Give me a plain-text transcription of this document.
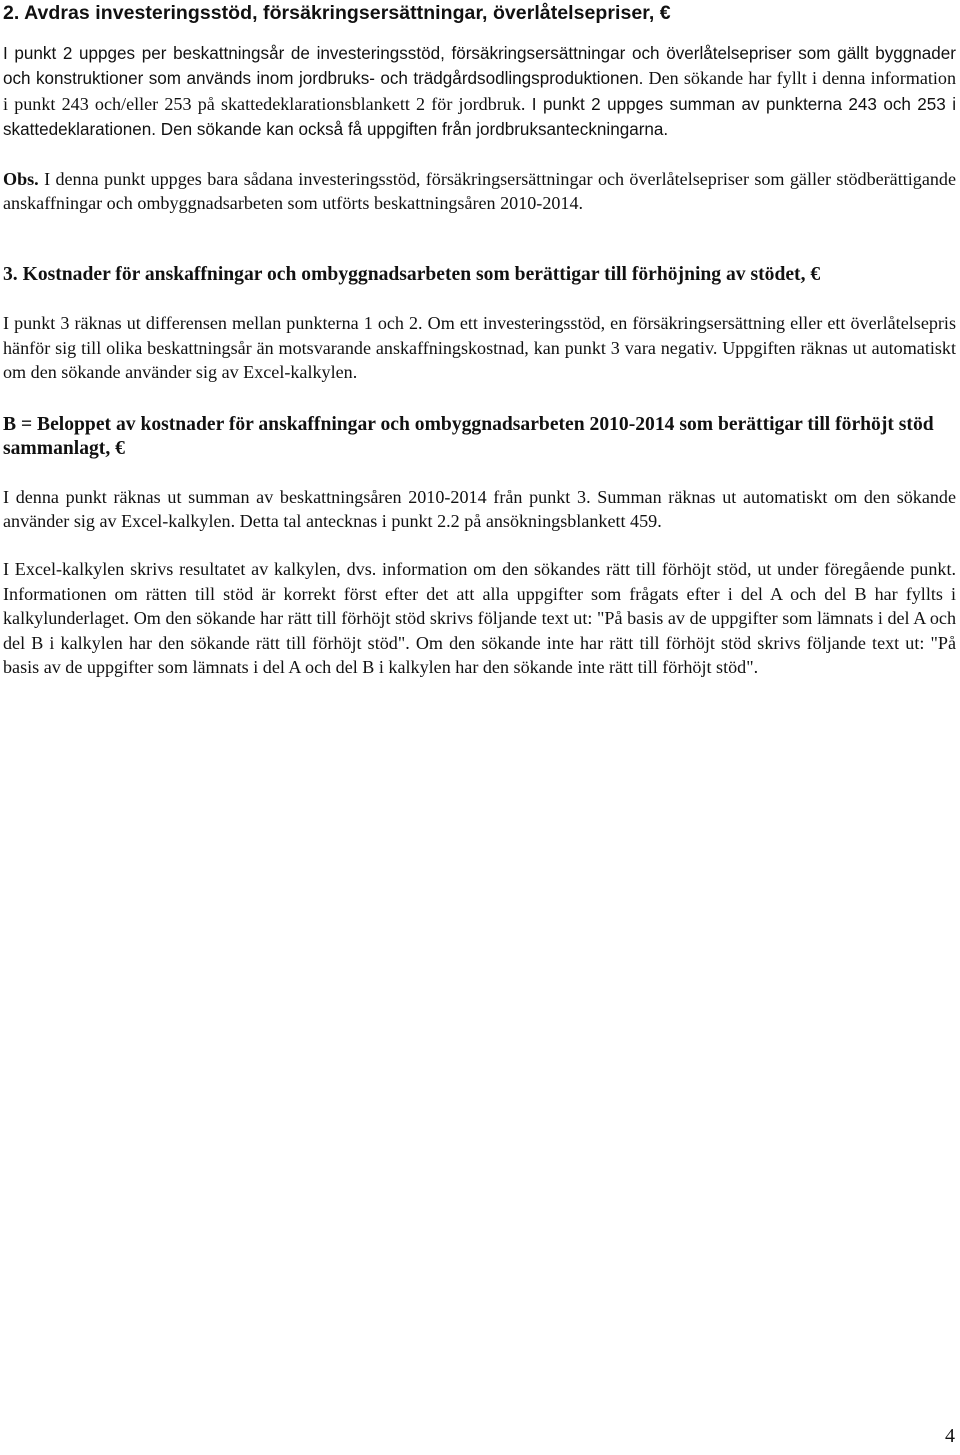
2. Avdras investeringsstöd, försäkringsersättningar, överlåtelsepriser, €

I punkt 2 uppges per beskattningsår de investeringsstöd, försäkringsersättningar och överlåtelsepriser som gällt byggnader och konstruktioner som används inom jordbruks- och trädgårdsodlingsproduktionen. Den sökande har fyllt i denna information i punkt 243 och/eller 253 på skattedeklarationsblankett 2 för jordbruk. I punkt 2 uppges summan av punkterna 243 och 253 i skattedeklarationen. Den sökande kan också få uppgiften från jordbruksanteckningarna.

Obs. I denna punkt uppges bara sådana investeringsstöd, försäkringsersättningar och överlåtelsepriser som gäller stödberättigande anskaffningar och ombyggnadsarbeten som utförts beskattningsåren 2010-2014.

3. Kostnader för anskaffningar och ombyggnadsarbeten som berättigar till förhöjning av stödet, €

I punkt 3 räknas ut differensen mellan punkterna 1 och 2. Om ett investeringsstöd, en försäkringsersättning eller ett överlåtelsepris hänför sig till olika beskattningsår än motsvarande anskaffningskostnad, kan punkt 3 vara negativ. Uppgiften räknas ut automatiskt om den sökande använder sig av Excel-kalkylen.

B = Beloppet av kostnader för anskaffningar och ombyggnadsarbeten 2010-2014 som berättigar till förhöjt stöd sammanlagt, €

I denna punkt räknas ut summan av beskattningsåren 2010-2014 från punkt 3. Summan räknas ut automatiskt om den sökande använder sig av Excel-kalkylen. Detta tal antecknas i punkt 2.2 på ansökningsblankett 459.

I Excel-kalkylen skrivs resultatet av kalkylen, dvs. information om den sökandes rätt till förhöjt stöd, ut under föregående punkt. Informationen om rätten till stöd är korrekt först efter det att alla uppgifter som frågats efter i del A och del B har fyllts i kalkylunderlaget. Om den sökande har rätt till förhöjt stöd skrivs följande text ut: "På basis av de uppgifter som lämnats i del A och del B i kalkylen har den sökande rätt till förhöjt stöd". Om den sökande inte har rätt till förhöjt stöd skrivs följande text ut: "På basis av de uppgifter som lämnats i del A och del B i kalkylen har den sökande inte rätt till förhöjt stöd".

4
